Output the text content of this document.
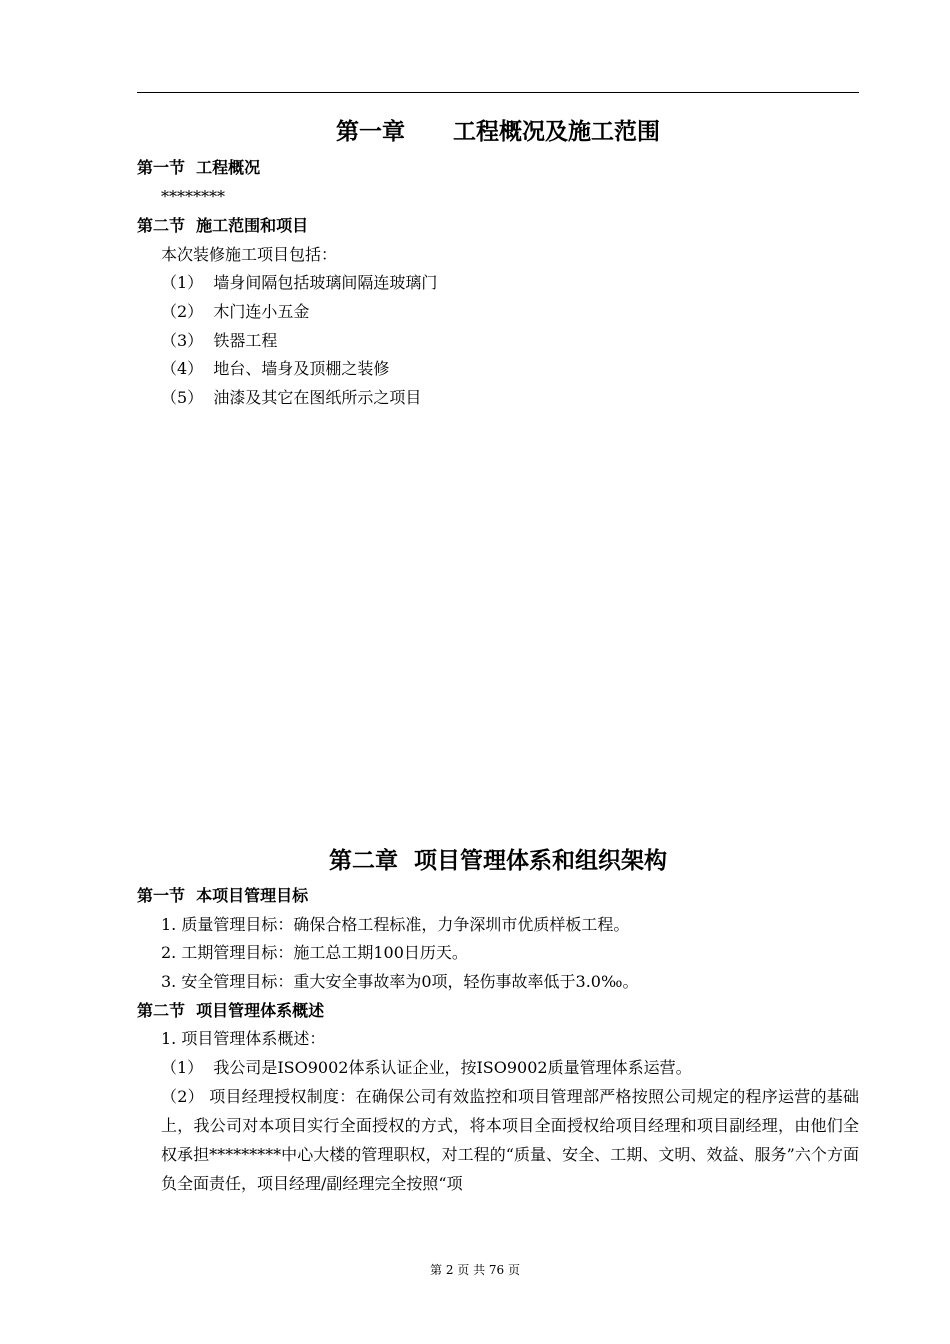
第一章      工程概况及施工范围
第一节  工程概况
********
第二节  施工范围和项目
本次装修施工项目包括：
（1）  墙身间隔包括玻璃间隔连玻璃门
（2）  木门连小五金
（3）  铁器工程
（4）  地台、墙身及顶棚之装修
（5）  油漆及其它在图纸所示之项目
第二章  项目管理体系和组织架构
第一节  本项目管理目标
1. 质量管理目标：确保合格工程标准，力争深圳市优质样板工程。
2. 工期管理目标：施工总工期100日历天。
3. 安全管理目标：重大安全事故率为0项，轻伤事故率低于3.0‰。
第二节  项目管理体系概述
1. 项目管理体系概述：
（1）  我公司是ISO9002体系认证企业，按ISO9002质量管理体系运营。
（2） 项目经理授权制度：在确保公司有效监控和项目管理部严格按照公司规定的程序运营的基础上，我公司对本项目实行全面授权的方式，将本项目全面授权给项目经理和项目副经理，由他们全权承担*********中心大楼的管理职权，对工程的“质量、安全、工期、文明、效益、服务”六个方面负全面责任，项目经理/副经理完全按照“项
第 2 页 共 76 页
